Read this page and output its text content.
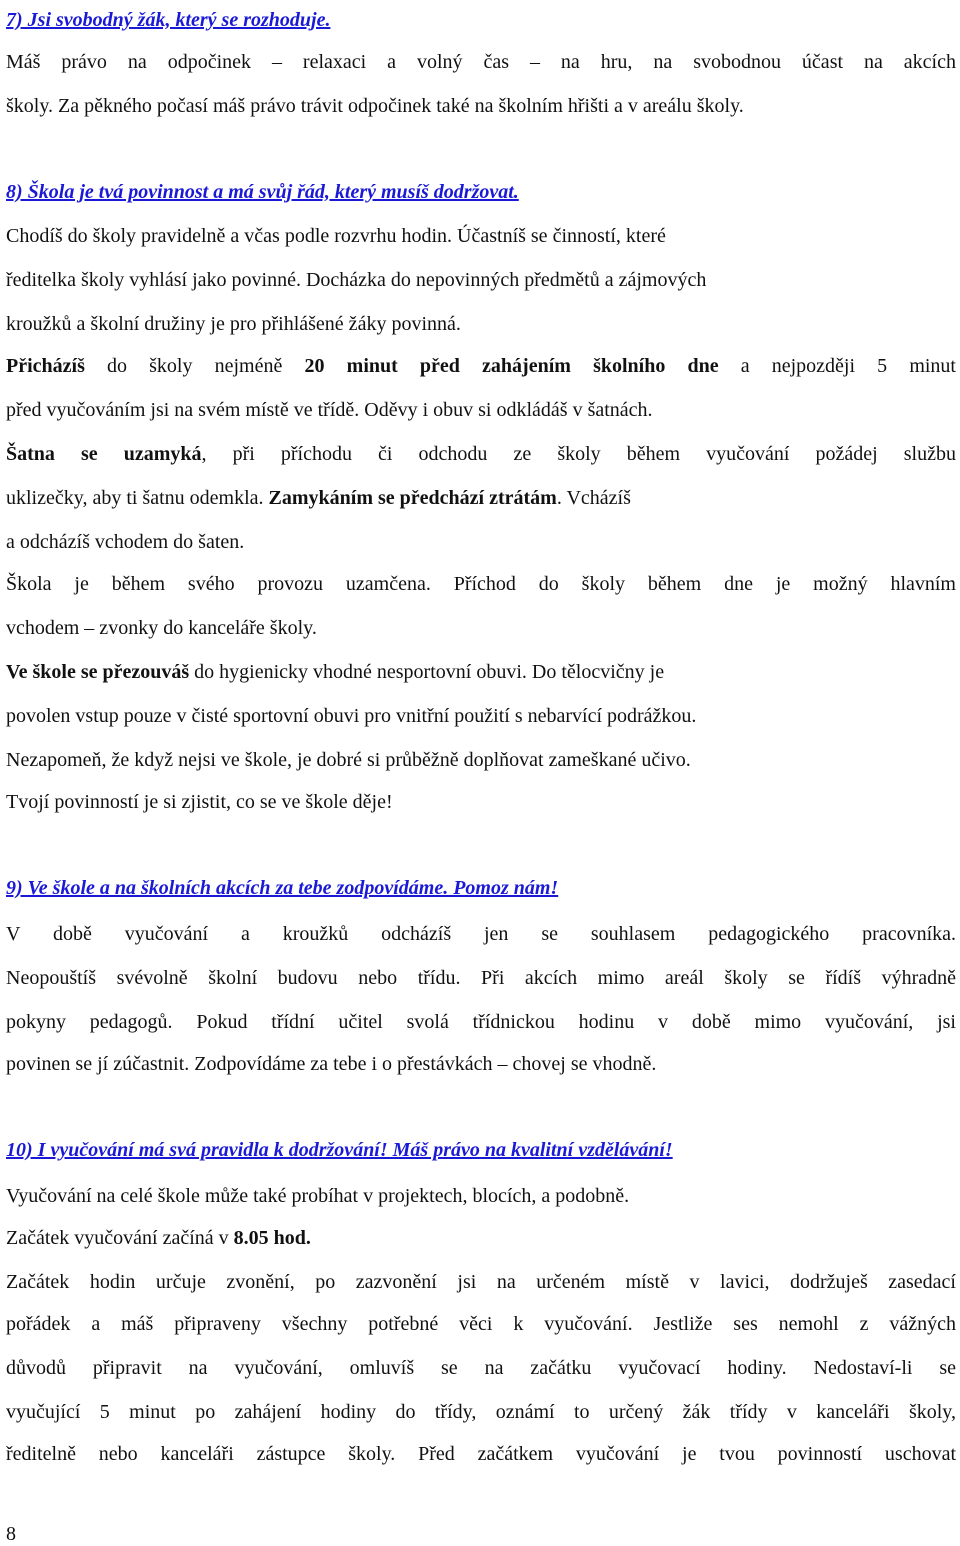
7) Jsi svobodný žák, který se rozhoduje.
Máš právo na odpočinek – relaxaci a volný čas – na hru, na svobodnou účast na akcích
školy. Za pěkného počasí máš právo trávit odpočinek také na školním hřišti a v areálu školy.
8) Škola je tvá povinnost a má svůj řád, který musíš dodržovat.
Chodíš do školy pravidelně a včas podle rozvrhu hodin. Účastníš se činností, které
ředitelka školy vyhlásí jako povinné. Docházka do nepovinných předmětů a zájmových
kroužků a školní družiny je pro přihlášené žáky povinná.
Přicházíš do školy nejméně 20 minut před zahájením školního dne a nejpozději 5 minut
před vyučováním jsi na svém místě ve třídě. Oděvy i obuv si odkládáš v šatnách.
Šatna se uzamyká, při příchodu či odchodu ze školy během vyučování požádej službu
uklizečky, aby ti šatnu odemkla. Zamykáním se předchází ztrátám. Vcházíš
a odcházíš vchodem do šaten.
Škola je během svého provozu uzamčena. Příchod do školy během dne je možný hlavním
vchodem – zvonky do kanceláře školy.
Ve škole se přezouváš do hygienicky vhodné nesportovní obuvi. Do tělocvičny je
povolen vstup pouze v čisté sportovní obuvi pro vnitřní použití s nebarvící podrážkou.
Nezapomeň, že když nejsi ve škole, je dobré si průběžně doplňovat zameškané učivo.
Tvojí povinností je si zjistit, co se ve škole děje!
9) Ve škole a na školních akcích za tebe zodpovídáme. Pomoz nám!
V době vyučování a kroužků odcházíš jen se souhlasem pedagogického pracovníka.
Neopouštíš svévolně školní budovu nebo třídu. Při akcích mimo areál školy se řídíš výhradně
pokyny pedagogů. Pokud třídní učitel svolá třídnickou hodinu v době mimo vyučování, jsi
povinen se jí zúčastnit. Zodpovídáme za tebe i o přestávkách – chovej se vhodně.
10) I vyučování má svá pravidla k dodržování! Máš právo na kvalitní vzdělávání!
Vyučování na celé škole může také probíhat v projektech, blocích, a podobně.
Začátek vyučování začíná v 8.05 hod.
Začátek hodin určuje zvonění, po zazvonění jsi na určeném místě v lavici, dodržuješ zasedací
pořádek a máš připraveny všechny potřebné věci k vyučování. Jestliže ses nemohl z vážných
důvodů připravit na vyučování, omluvíš se na začátku vyučovací hodiny. Nedostaví-li se
vyučující 5 minut po zahájení hodiny do třídy, oznámí to určený žák třídy v kanceláři školy,
ředitelně nebo kanceláři zástupce školy. Před začátkem vyučování je tvou povinností uschovat
8
